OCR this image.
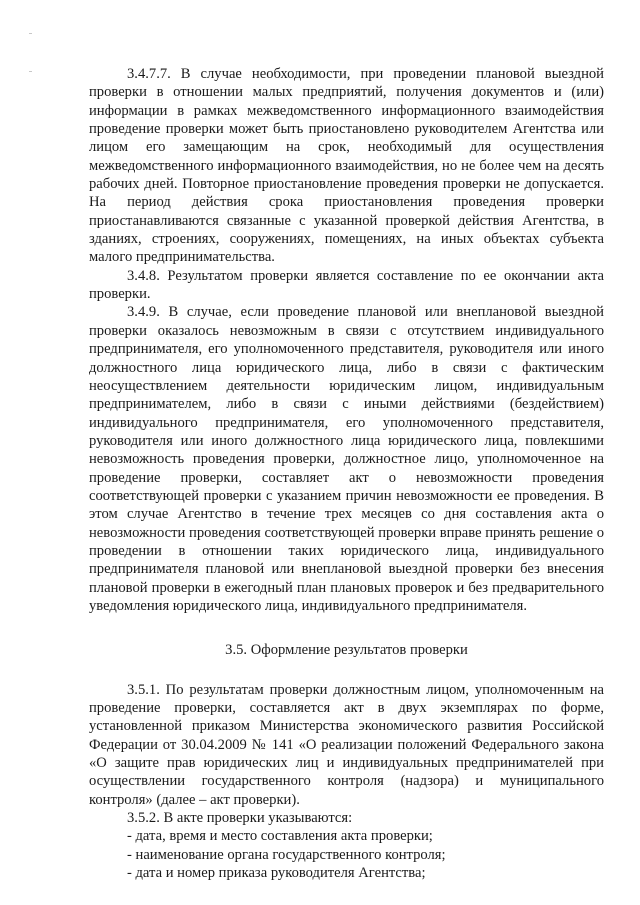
3.4.7.7. В случае необходимости, при проведении плановой выездной проверки в отношении малых предприятий, получения документов и (или) информации в рамках межведомственного информационного взаимодействия проведение проверки может быть приостановлено руководителем Агентства или лицом его замещающим на срок, необходимый для осуществления межведомственного информационного взаимодействия, но не более чем на десять рабочих дней. Повторное приостановление проведения проверки не допускается. На период действия срока приостановления проведения проверки приостанавливаются связанные с указанной проверкой действия Агентства, в зданиях, строениях, сооружениях, помещениях, на иных объектах субъекта малого предпринимательства.

3.4.8. Результатом проверки является составление по ее окончании акта проверки.

3.4.9. В случае, если проведение плановой или внеплановой выездной проверки оказалось невозможным в связи с отсутствием индивидуального предпринимателя, его уполномоченного представителя, руководителя или иного должностного лица юридического лица, либо в связи с фактическим неосуществлением деятельности юридическим лицом, индивидуальным предпринимателем, либо в связи с иными действиями (бездействием) индивидуального предпринимателя, его уполномоченного представителя, руководителя или иного должностного лица юридического лица, повлекшими невозможность проведения проверки, должностное лицо, уполномоченное на проведение проверки, составляет акт о невозможности проведения соответствующей проверки с указанием причин невозможности ее проведения. В этом случае Агентство в течение трех месяцев со дня составления акта о невозможности проведения соответствующей проверки вправе принять решение о проведении в отношении таких юридического лица, индивидуального предпринимателя плановой или внеплановой выездной проверки без внесения плановой проверки в ежегодный план плановых проверок и без предварительного уведомления юридического лица, индивидуального предпринимателя.

3.5. Оформление результатов проверки

3.5.1. По результатам проверки должностным лицом, уполномоченным на проведение проверки, составляется акт в двух экземплярах по форме, установленной приказом Министерства экономического развития Российской Федерации от 30.04.2009 № 141 «О реализации положений Федерального закона «О защите прав юридических лиц и индивидуальных предпринимателей при осуществлении государственного контроля (надзора) и муниципального контроля» (далее – акт проверки).

3.5.2. В акте проверки указываются:

- дата, время и место составления акта проверки;

- наименование органа государственного контроля;

- дата и номер приказа руководителя Агентства;
